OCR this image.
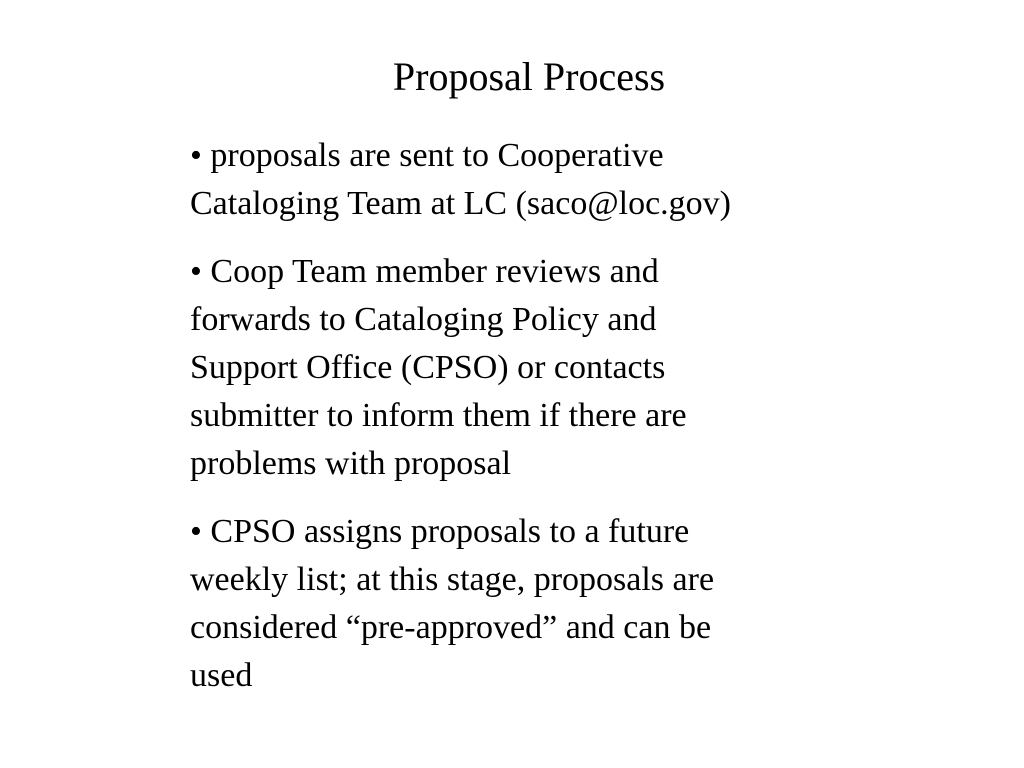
Proposal Process
• proposals are sent to Cooperative
Cataloging Team at LC (saco@loc.gov)
• Coop Team member reviews and
forwards to Cataloging Policy and
Support Office (CPSO) or contacts
submitter to inform them if there are
problems with proposal
• CPSO assigns proposals to a future
weekly list; at this stage, proposals are
considered “pre-approved” and can be
used
